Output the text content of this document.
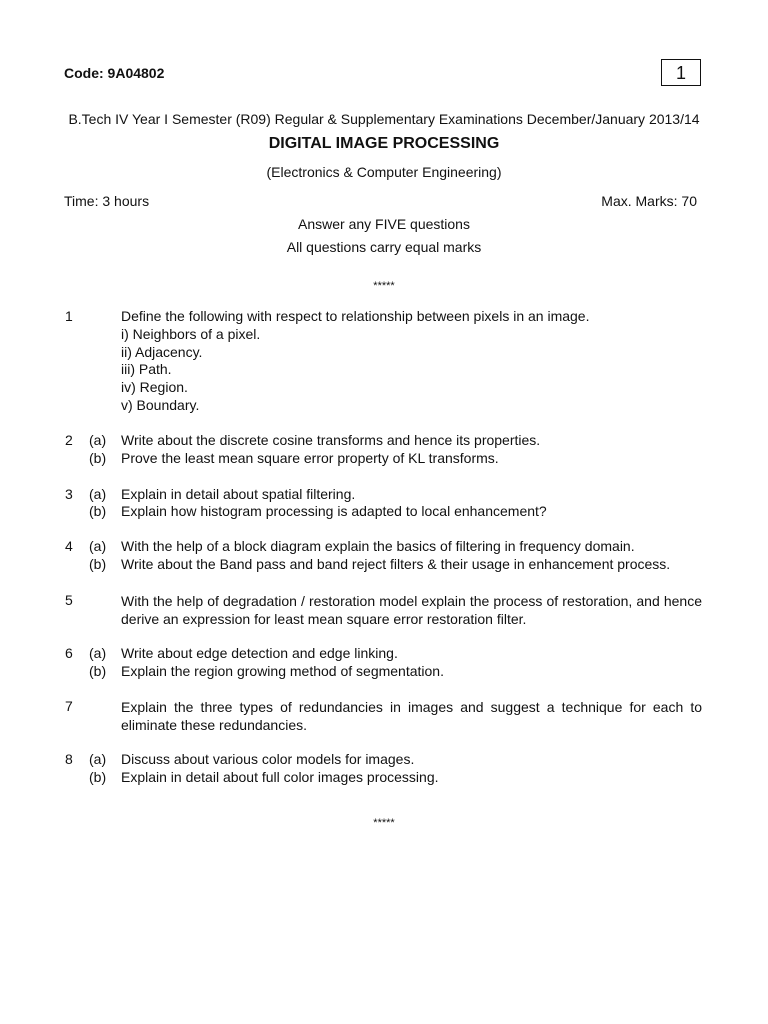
Code: 9A04802	1
B.Tech IV Year I Semester (R09) Regular & Supplementary Examinations December/January 2013/14
DIGITAL IMAGE PROCESSING
(Electronics & Computer Engineering)
Time: 3 hours	Max. Marks: 70
Answer any FIVE questions
All questions carry equal marks
*****
1	Define the following with respect to relationship between pixels in an image.
i) Neighbors of a pixel.
ii) Adjacency.
iii) Path.
iv) Region.
v) Boundary.
2 (a) Write about the discrete cosine transforms and hence its properties.
(b) Prove the least mean square error property of KL transforms.
3 (a) Explain in detail about spatial filtering.
(b) Explain how histogram processing is adapted to local enhancement?
4 (a) With the help of a block diagram explain the basics of filtering in frequency domain.
(b) Write about the Band pass and band reject filters & their usage in enhancement process.
5	With the help of degradation / restoration model explain the process of restoration, and hence derive an expression for least mean square error restoration filter.
6 (a) Write about edge detection and edge linking.
(b) Explain the region growing method of segmentation.
7	Explain the three types of redundancies in images and suggest a technique for each to eliminate these redundancies.
8 (a) Discuss about various color models for images.
(b) Explain in detail about full color images processing.
*****
